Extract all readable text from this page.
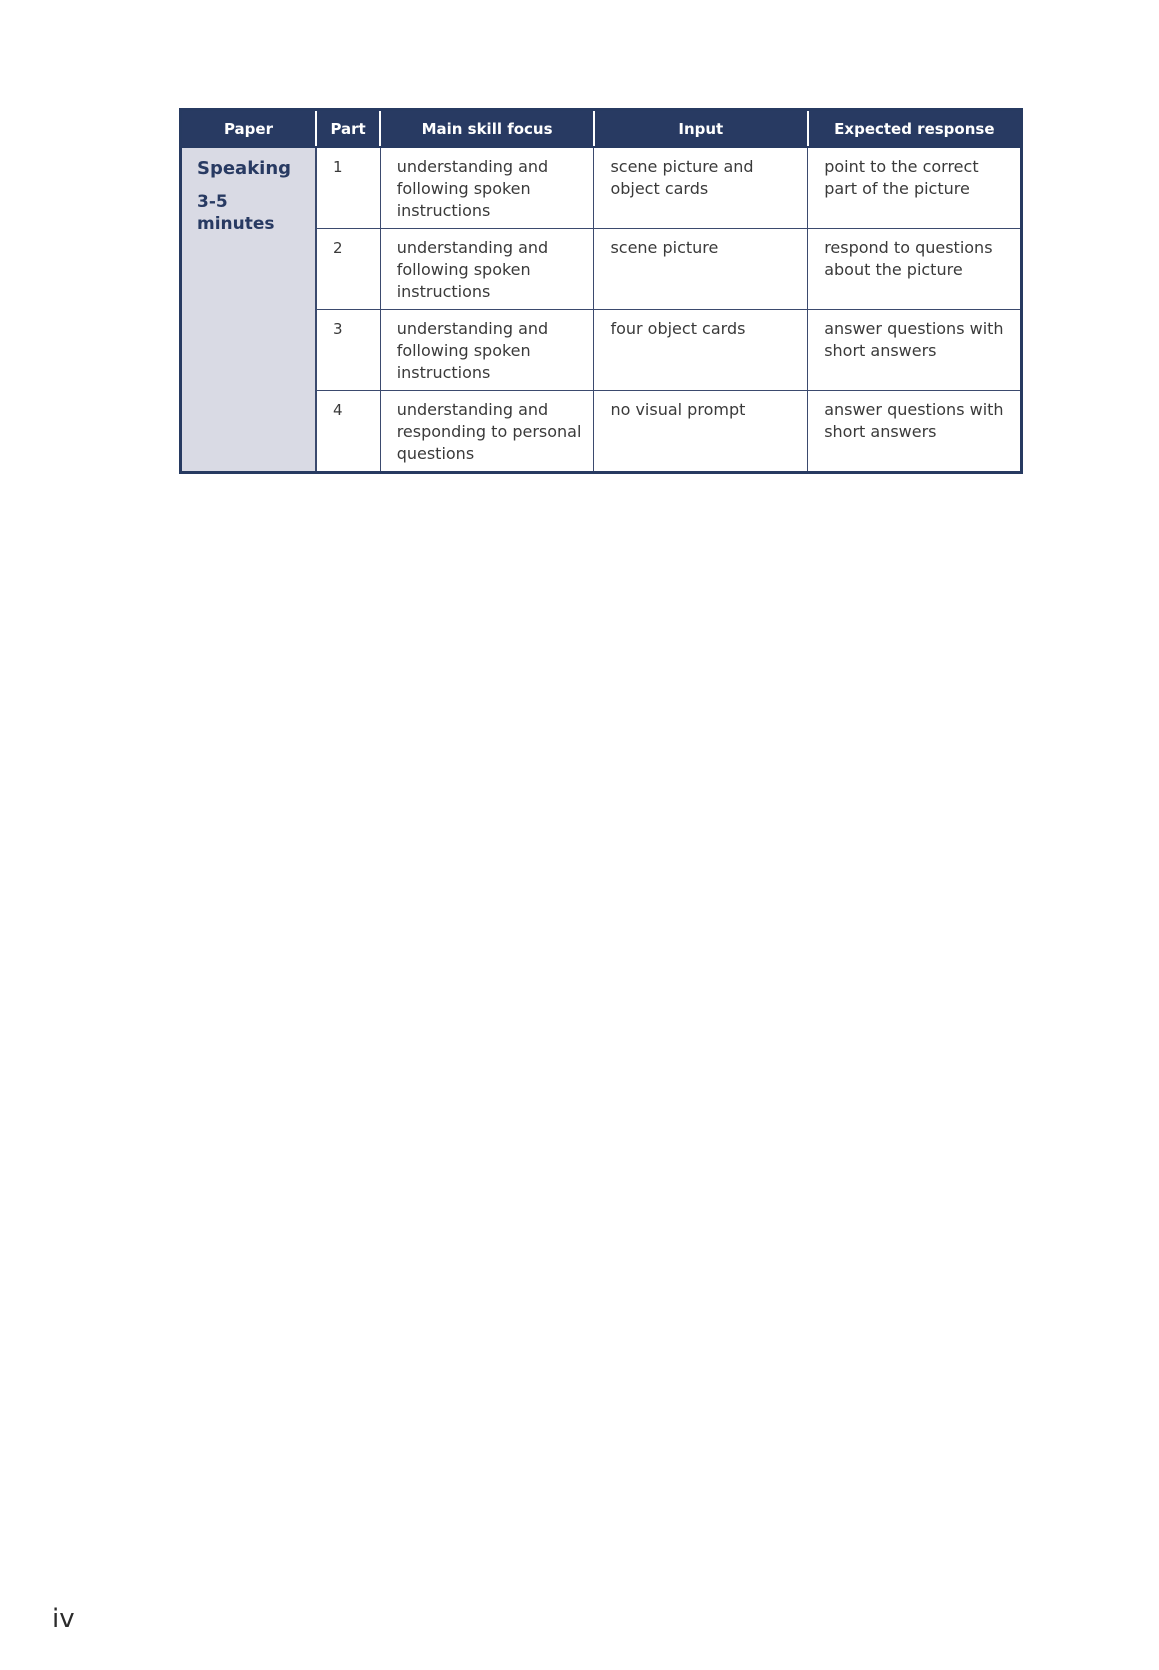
Paper	Part	Main skill focus	Input	Expected response

Speaking
3-5 minutes	1	understanding and following spoken instructions	scene picture and object cards	point to the correct part of the picture
	2	understanding and following spoken instructions	scene picture	respond to questions about the picture
	3	understanding and following spoken instructions	four object cards	answer questions with short answers
	4	understanding and responding to personal questions	no visual prompt	answer questions with short answers
iv
